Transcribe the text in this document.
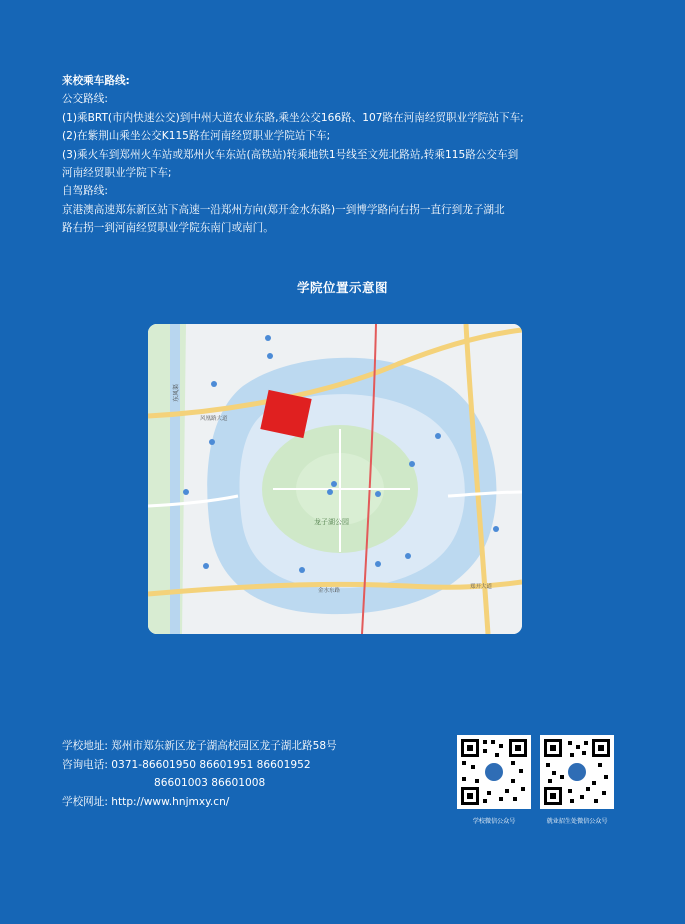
来校乘车路线:
公交路线:
(1)乘BRT(市内快速公交)到中州大道农业东路,乘坐公交166路、107路在河南经贸职业学院站下车;
(2)在紫荆山乘坐公交K115路在河南经贸职业学院站下车;
(3)乘火车到郑州火车站或郑州火车东站(高铁站)转乘地铁1号线至文苑北路站,转乘115路公交车到
河南经贸职业学院下车;
自驾路线:
京港澳高速郑东新区站下高速一沿郑州方向(郑开金水东路)一到博学路向右拐一直行到龙子湖北
路右拐一到河南经贸职业学院东南门或南门。
学院位置示意图
东风渠
风凰路大道
龙子湖公园
金水东路
郑开大道
学校地址: 郑州市郑东新区龙子湖高校园区龙子湖北路58号
咨询电话: 0371-86601950 86601951 86601952
86601003 86601008
学校网址: http://www.hnjmxy.cn/
学校微信公众号	就业招生处微信公众号
